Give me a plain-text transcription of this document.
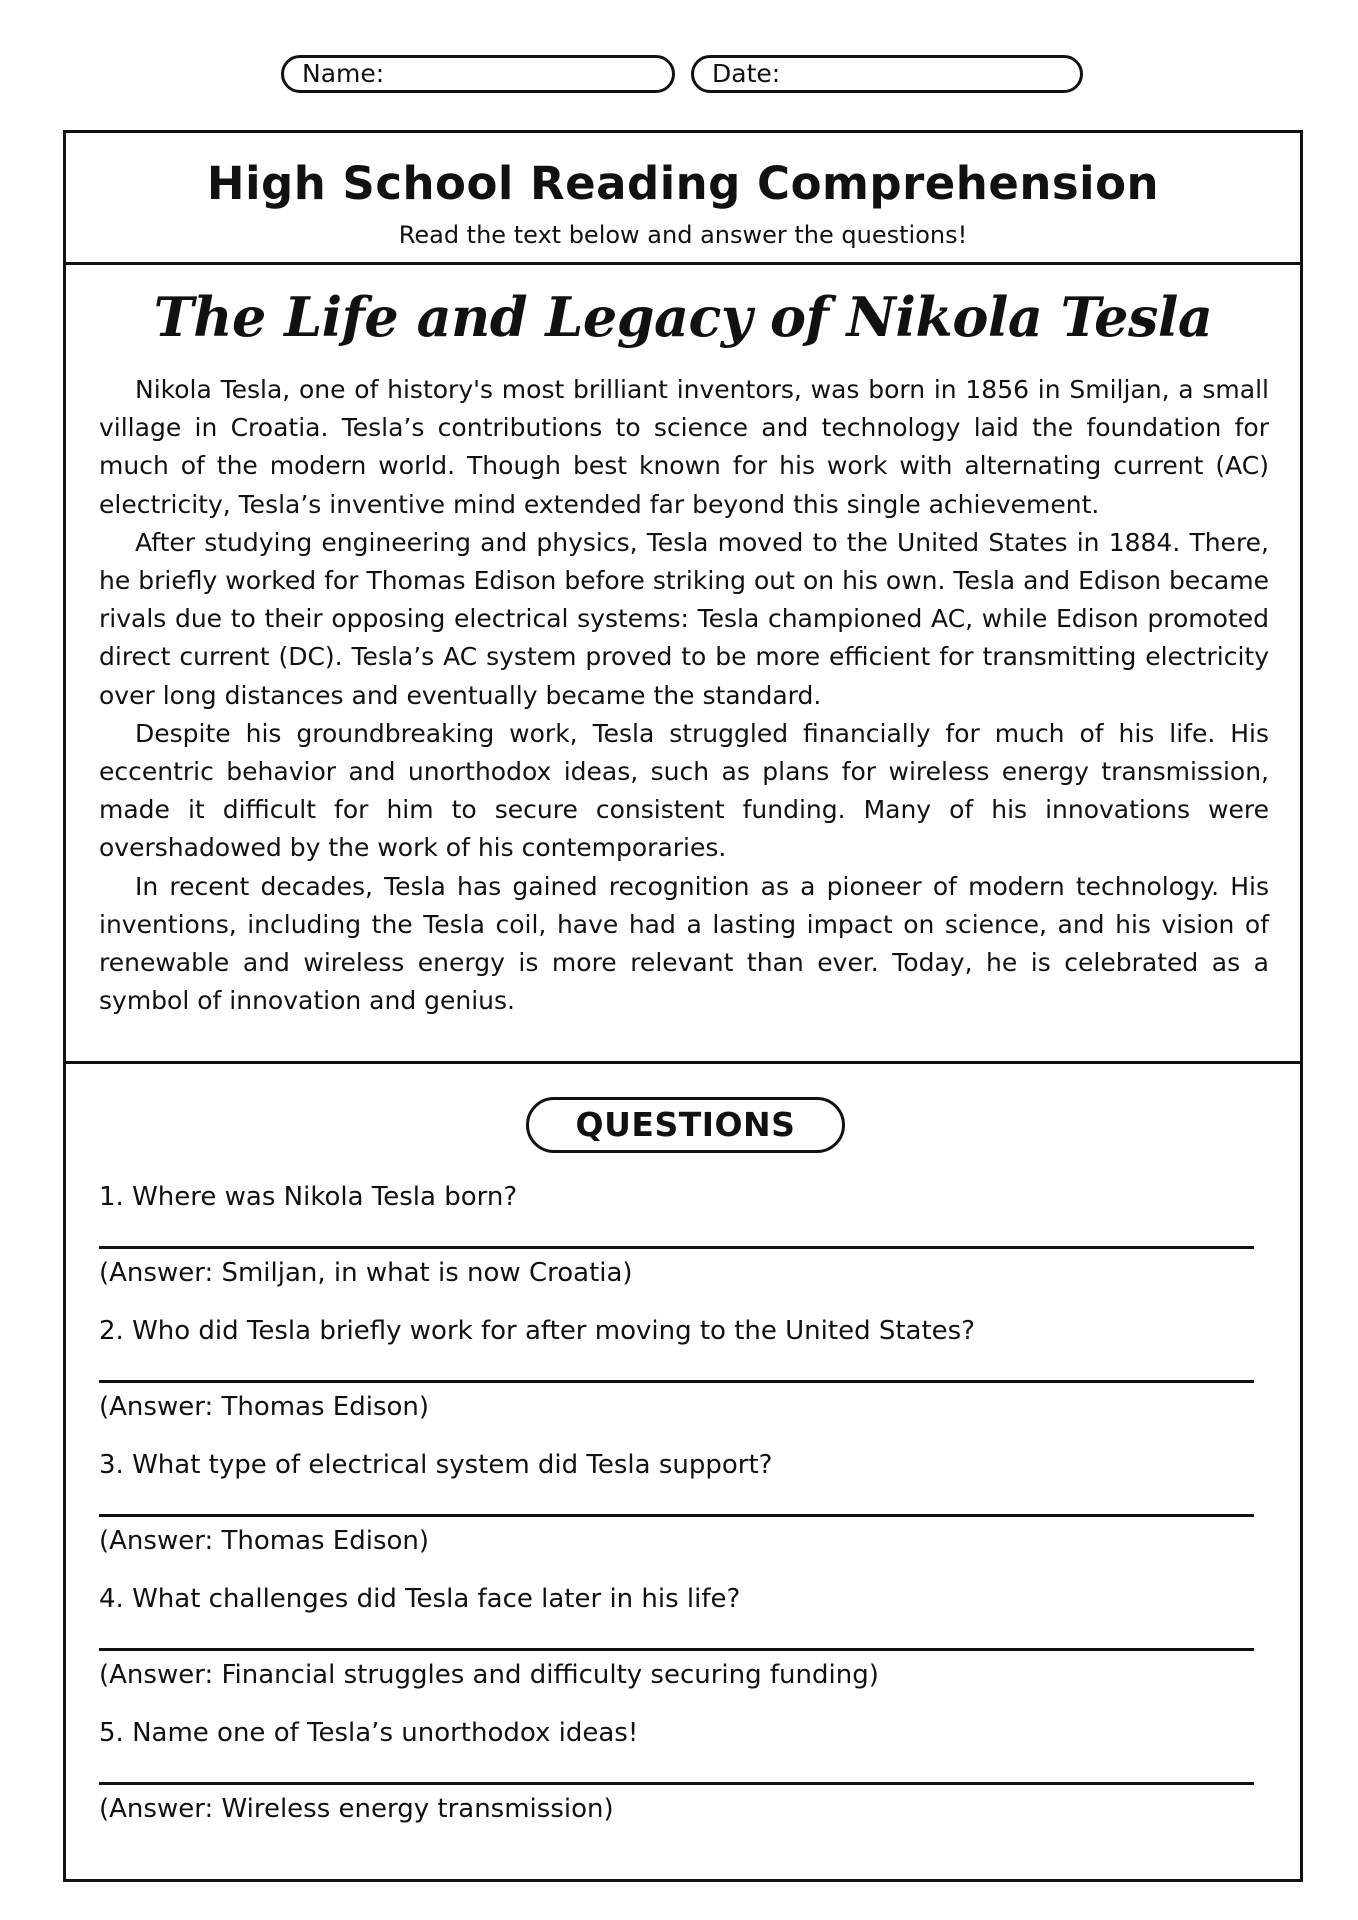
Name:	Date:
High School Reading Comprehension
Read the text below and answer the questions!
The Life and Legacy of Nikola Tesla

Nikola Tesla, one of history's most brilliant inventors, was born in 1856 in Smiljan, a small village in Croatia. Tesla’s contributions to science and technology laid the foundation for much of the modern world. Though best known for his work with alternating current (AC) electricity, Tesla’s inventive mind extended far beyond this single achievement.

After studying engineering and physics, Tesla moved to the United States in 1884. There, he briefly worked for Thomas Edison before striking out on his own. Tesla and Edison became rivals due to their opposing electrical systems: Tesla championed AC, while Edison promoted direct current (DC). Tesla’s AC system proved to be more efficient for transmitting electricity over long distances and eventually became the standard.

Despite his groundbreaking work, Tesla struggled financially for much of his life. His eccentric behavior and unorthodox ideas, such as plans for wireless energy transmission, made it difficult for him to secure consistent funding. Many of his innovations were overshadowed by the work of his contemporaries.

In recent decades, Tesla has gained recognition as a pioneer of modern technology. His inventions, including the Tesla coil, have had a lasting impact on science, and his vision of renewable and wireless energy is more relevant than ever. Today, he is celebrated as a symbol of innovation and genius.

QUESTIONS
1. Where was Nikola Tesla born?
(Answer: Smiljan, in what is now Croatia)
2. Who did Tesla briefly work for after moving to the United States?
(Answer: Thomas Edison)
3. What type of electrical system did Tesla support?
(Answer: Thomas Edison)
4. What challenges did Tesla face later in his life?
(Answer: Financial struggles and difficulty securing funding)
5. Name one of Tesla’s unorthodox ideas!
(Answer: Wireless energy transmission)
